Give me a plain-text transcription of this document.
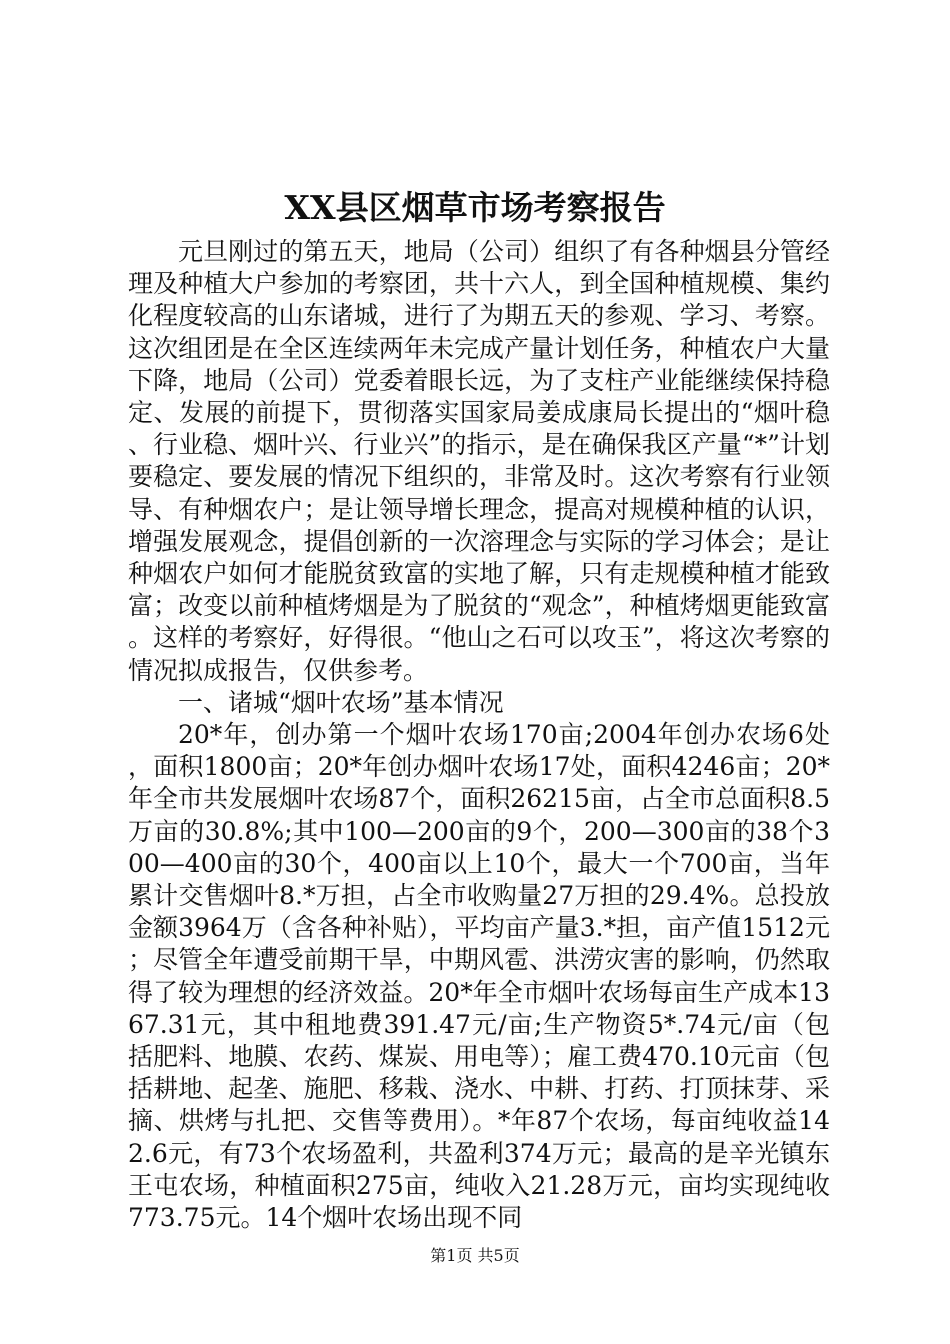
XX县区烟草市场考察报告

元旦刚过的第五天，地局（公司）组织了有各种烟县分管经理及种植大户参加的考察团，共十六人，到全国种植规模、集约化程度较高的山东诸城，进行了为期五天的参观、学习、考察。这次组团是在全区连续两年未完成产量计划任务，种植农户大量下降，地局（公司）党委着眼长远，为了支柱产业能继续保持稳定、发展的前提下，贯彻落实国家局姜成康局长提出的“烟叶稳、行业稳、烟叶兴、行业兴”的指示，是在确保我区产量“*”计划要稳定、要发展的情况下组织的，非常及时。这次考察有行业领导、有种烟农户；是让领导增长理念，提高对规模种植的认识，增强发展观念，提倡创新的一次溶理念与实际的学习体会；是让种烟农户如何才能脱贫致富的实地了解，只有走规模种植才能致富；改变以前种植烤烟是为了脱贫的“观念”，种植烤烟更能致富。这样的考察好，好得很。“他山之石可以攻玉”，将这次考察的情况拟成报告，仅供参考。

一、诸城“烟叶农场”基本情况

20*年，创办第一个烟叶农场170亩;2004年创办农场6处，面积1800亩；20*年创办烟叶农场17处，面积4246亩；20*年全市共发展烟叶农场87个，面积26215亩，占全市总面积8.5万亩的30.8%;其中100—200亩的9个，200—300亩的38个300—400亩的30个，400亩以上10个，最大一个700亩，当年累计交售烟叶8.*万担，占全市收购量27万担的29.4%。总投放金额3964万（含各种补贴），平均亩产量3.*担，亩产值1512元；尽管全年遭受前期干旱，中期风雹、洪涝灾害的影响，仍然取得了较为理想的经济效益。20*年全市烟叶农场每亩生产成本1367.31元，其中租地费391.47元/亩;生产物资5*.74元/亩（包括肥料、地膜、农药、煤炭、用电等）；雇工费470.10元亩（包括耕地、起垄、施肥、移栽、浇水、中耕、打药、打顶抹芽、采摘、烘烤与扎把、交售等费用）。*年87个农场，每亩纯收益142.6元，有73个农场盈利，共盈利374万元；最高的是辛光镇东王屯农场，种植面积275亩，纯收入21.28万元，亩均实现纯收773.75元。14个烟叶农场出现不同

第1页 共5页
